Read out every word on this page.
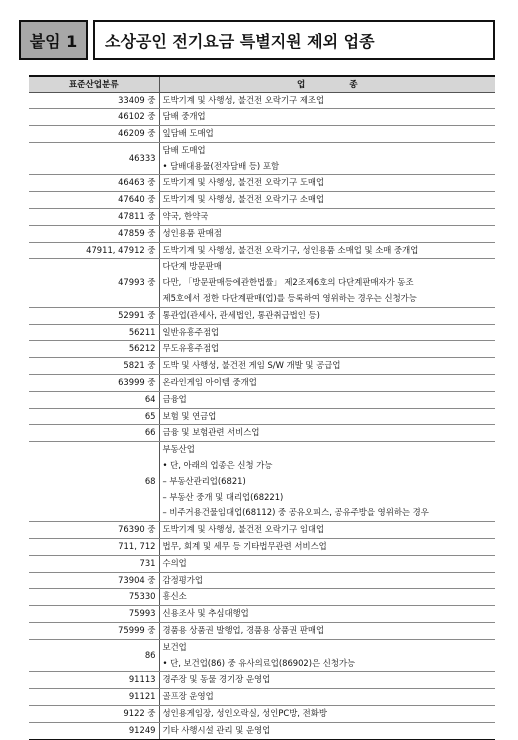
붙임 1	소상공인 전기요금 특별지원 제외 업종
표준산업분류	업종
33409 중	도박기계 및 사행성, 불건전 오락기구 제조업

46102 중	담배 중개업

46209 중	잎담배 도매업

46333	담배 도매업
• 담배대용물(전자담배 등) 포함

46463 중	도박기계 및 사행성, 불건전 오락기구 도매업

47640 중	도박기계 및 사행성, 불건전 오락기구 소매업

47811 중	약국, 한약국

47859 중	성인용품 판매점

47911, 47912 중	도박기계 및 사행성, 불건전 오락기구, 성인용품 소매업 및 소매 중개업

47993 중	다단계 방문판매
다만, 「방문판매등에관한법률」 제2조제6호의 다단계판매자가 동조
제5호에서 정한 다단계판매(업)를 등록하여 영위하는 경우는 신청가능

52991 중	통관업(관세사, 관세법인, 통관취급법인 등)

56211	일반유흥주점업

56212	무도유흥주점업

5821 중	도박 및 사행성, 불건전 게임 S/W 개발 및 공급업

63999 중	온라인게임 아이템 중개업

64	금융업

65	보험 및 연금업

66	금융 및 보험관련 서비스업

68	부동산업
• 단, 아래의 업종은 신청 가능
– 부동산관리업(6821)
– 부동산 중개 및 대리업(68221)
– 비주거용건물임대업(68112) 중 공유오피스, 공유주방을 영위하는 경우

76390 중	도박기계 및 사행성, 불건전 오락기구 임대업

711, 712	법무, 회계 및 세무 등 기타법무관련 서비스업

731	수의업

73904 중	감정평가업

75330	흥신소

75993	신용조사 및 추심대행업

75999 중	경품용 상품권 발행업, 경품용 상품권 판매업

86	보건업
• 단, 보건업(86) 중 유사의료업(86902)은 신청가능

91113	경주장 및 동물 경기장 운영업

91121	골프장 운영업

9122 중	성인용게임장, 성인오락실, 성인PC방, 전화방

91249	기타 사행시설 관리 및 운영업
